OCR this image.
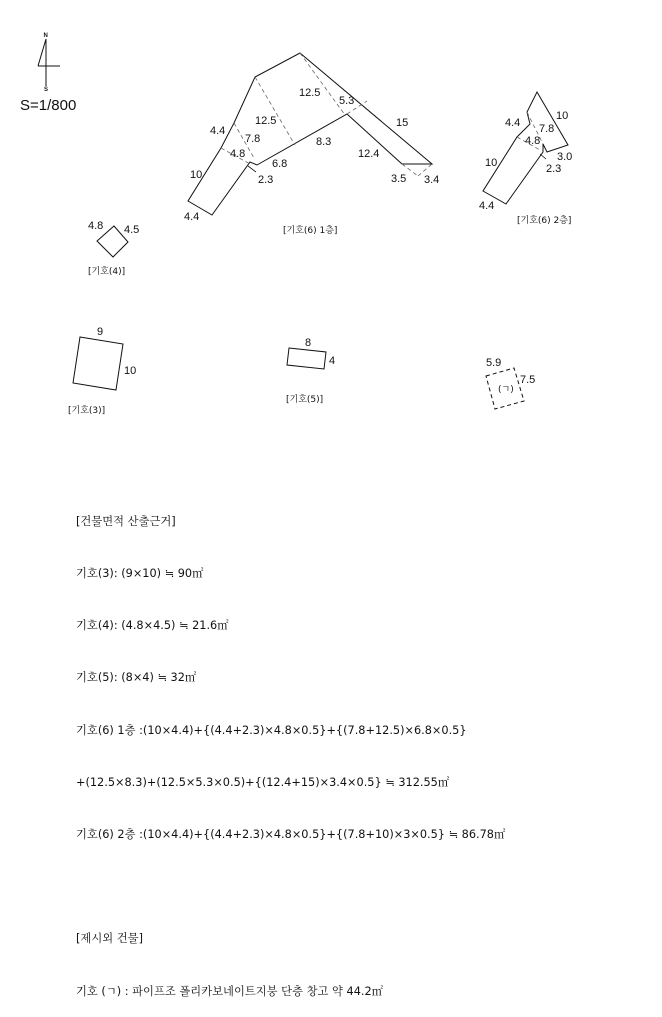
N
S
S=1/800
12.5
5.3
15
4.4
12.5
7.8	8.3
4.8	12.4
10
6.8
2.3	3.5 3.4
4.4
[기호(6) 1층]
10
4.4 7.8
4.8
3.0
10	2.3
4.4
[기호(6) 2층]
4.8 4.5
[기호(4)]
9
10
[기호(3)]
8
4
[기호(5)]
5.9
7.5
(ㄱ)

[건물면적 산출근거]

기호(3): (9×10) ≒ 90㎡

기호(4): (4.8×4.5) ≒ 21.6㎡

기호(5): (8×4) ≒ 32㎡

기호(6) 1층 :(10×4.4)+{(4.4+2.3)×4.8×0.5}+{(7.8+12.5)×6.8×0.5}

+(12.5×8.3)+(12.5×5.3×0.5)+{(12.4+15)×3.4×0.5} ≒ 312.55㎡

기호(6) 2층 :(10×4.4)+{(4.4+2.3)×4.8×0.5}+{(7.8+10)×3×0.5} ≒ 86.78㎡

[제시외 건물]

기호 (ㄱ) : 파이프조 폴리카보네이트지붕 단층 창고 약 44.2㎡
